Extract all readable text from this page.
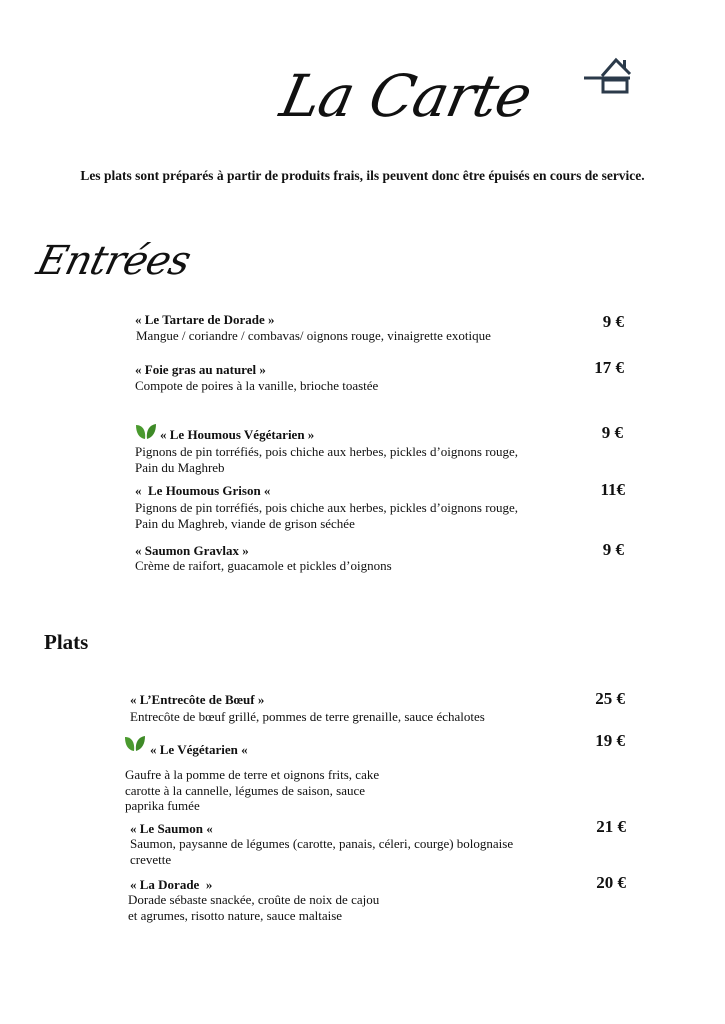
La Carte
Les plats sont préparés à partir de produits frais, ils peuvent donc être épuisés en cours de service.
Entrées
« Le Tartare de Dorade »
Mangue / coriandre / combavas/ oignons rouge, vinaigrette exotique
9 €
« Foie gras au naturel »
Compote de poires à la vanille, brioche toastée
17 €
« Le Houmous Végétarien »
Pignons de pin torréfiés, pois chiche aux herbes, pickles d’oignons rouge, Pain du Maghreb
9 €
«  Le Houmous Grison «
Pignons de pin torréfiés, pois chiche aux herbes, pickles d’oignons rouge, Pain du Maghreb, viande de grison séchée
11€
« Saumon Gravlax »
Crème de raifort, guacamole et pickles d’oignons
9 €
Plats
« L’Entrecôte de Bœuf »
Entrecôte de bœuf grillé, pommes de terre grenaille, sauce échalotes
25 €
« Le Végétarien «
Gaufre à la pomme de terre et oignons frits, cake carotte à la cannelle, légumes de saison, sauce paprika fumée
19 €
« Le Saumon «
Saumon, paysanne de légumes (carotte, panais, céleri, courge) bolognaise crevette
21 €
« La Dorade  »
Dorade sébaste snackée, croûte de noix de cajou et agrumes, risotto nature, sauce maltaise
20 €
